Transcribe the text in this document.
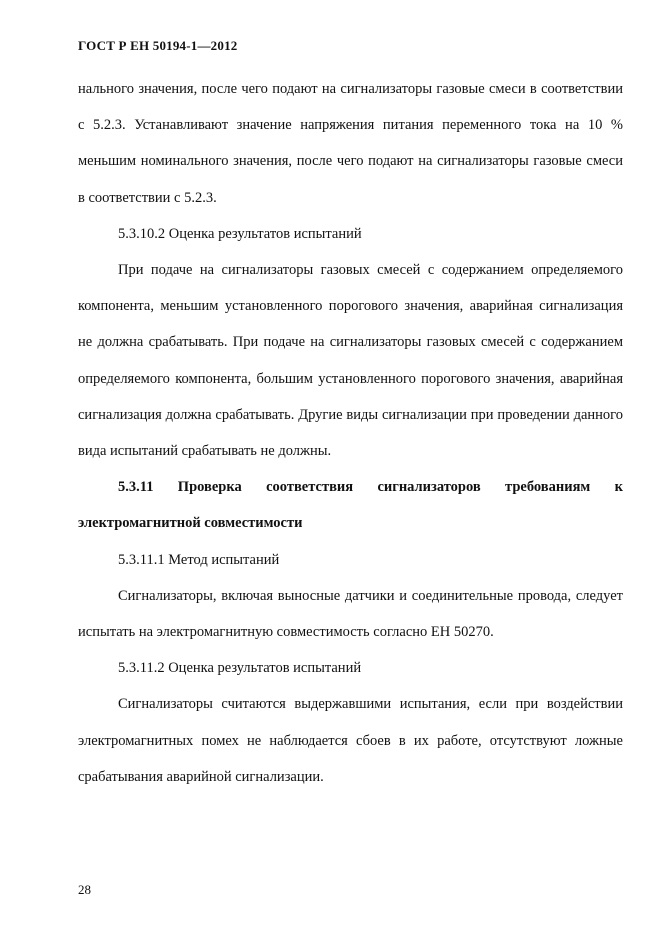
ГОСТ Р ЕН 50194-1—2012

нального значения, после чего подают на сигнализаторы газовые смеси в соответствии с 5.2.3. Устанавливают значение напряжения питания переменного тока на 10 % меньшим номинального значения, после чего подают на сигнализаторы газовые смеси в соответствии с 5.2.3.

5.3.10.2 Оценка результатов испытаний

При подаче на сигнализаторы газовых смесей с содержанием определяемого компонента, меньшим установленного порогового значения, аварийная сигнализация не должна срабатывать. При подаче на сигнализаторы газовых смесей с содержанием определяемого компонента, большим установленного порогового значения, аварийная сигнализация должна срабатывать. Другие виды сигнализации при проведении данного вида испытаний срабатывать не должны.

5.3.11 Проверка соответствия сигнализаторов требованиям к электромагнитной совместимости

5.3.11.1 Метод испытаний

Сигнализаторы, включая выносные датчики и соединительные провода, следует испытать на электромагнитную совместимость согласно ЕН 50270.

5.3.11.2 Оценка результатов испытаний

Сигнализаторы считаются выдержавшими испытания, если при воздействии электромагнитных помех не наблюдается сбоев в их работе, отсутствуют ложные срабатывания аварийной сигнализации.

28
